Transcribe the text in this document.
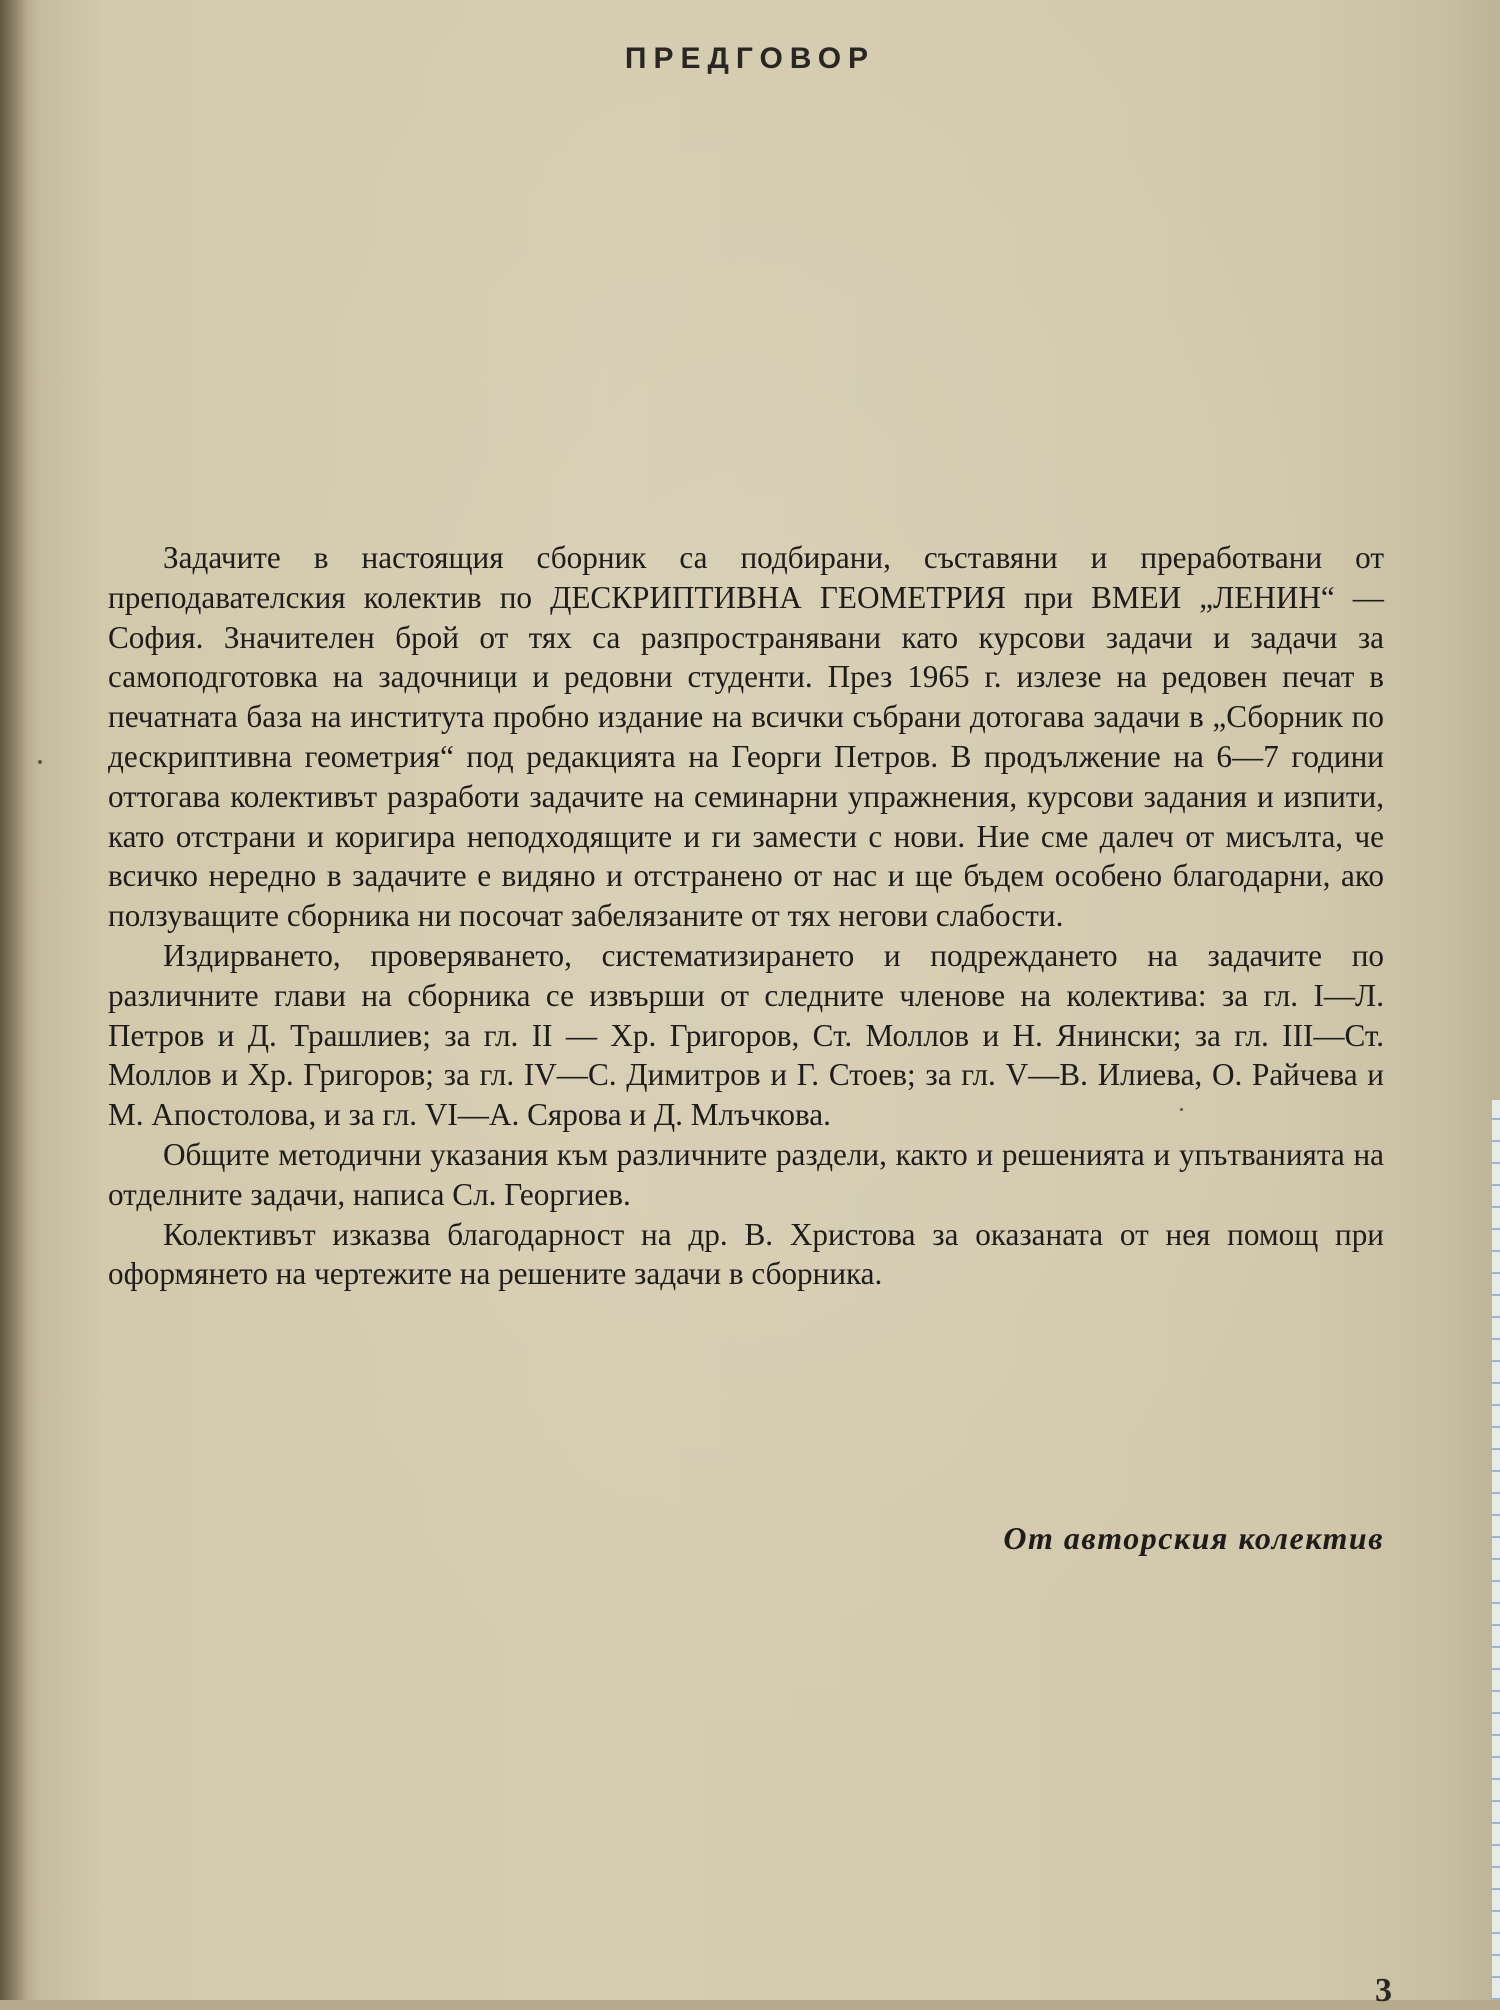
ПРЕДГОВОР

Задачите в настоящия сборник са подбирани, съставяни и преработвани от преподавателския колектив по ДЕСКРИПТИВНА ГЕОМЕТРИЯ при ВМЕИ „ЛЕНИН“ — София. Значителен брой от тях са разпространявани като курсови задачи и задачи за самоподготовка на задочници и редовни студенти. През 1965 г. излезе на редовен печат в печатната база на института пробно издание на всички събрани дотогава задачи в „Сборник по дескриптивна геометрия“ под редакцията на Георги Петров. В продължение на 6—7 години оттогава колективът разработи задачите на семинарни упражнения, курсови задания и изпити, като отстрани и коригира неподходящите и ги замести с нови. Ние сме далеч от мисълта, че всичко нередно в задачите е видяно и отстранено от нас и ще бъдем особено благодарни, ако ползуващите сборника ни посочат забелязаните от тях негови слабости.

Издирването, проверяването, систематизирането и подреждането на задачите по различните глави на сборника се извърши от следните членове на колектива: за гл. I—Л. Петров и Д. Трашлиев; за гл. II — Хр. Григоров, Ст. Моллов и Н. Янински; за гл. III—Ст. Моллов и Хр. Григоров; за гл. IV—С. Димитров и Г. Стоев; за гл. V—В. Илиева, О. Райчева и М. Апостолова, и за гл. VI—А. Сярова и Д. Млъчкова.

Общите методични указания към различните раздели, както и решенията и упътванията на отделните задачи, написа Сл. Георгиев.

Колективът изказва благодарност на др. В. Христова за оказаната от нея помощ при оформянето на чертежите на решените задачи в сборника.

От авторския колектив
3
